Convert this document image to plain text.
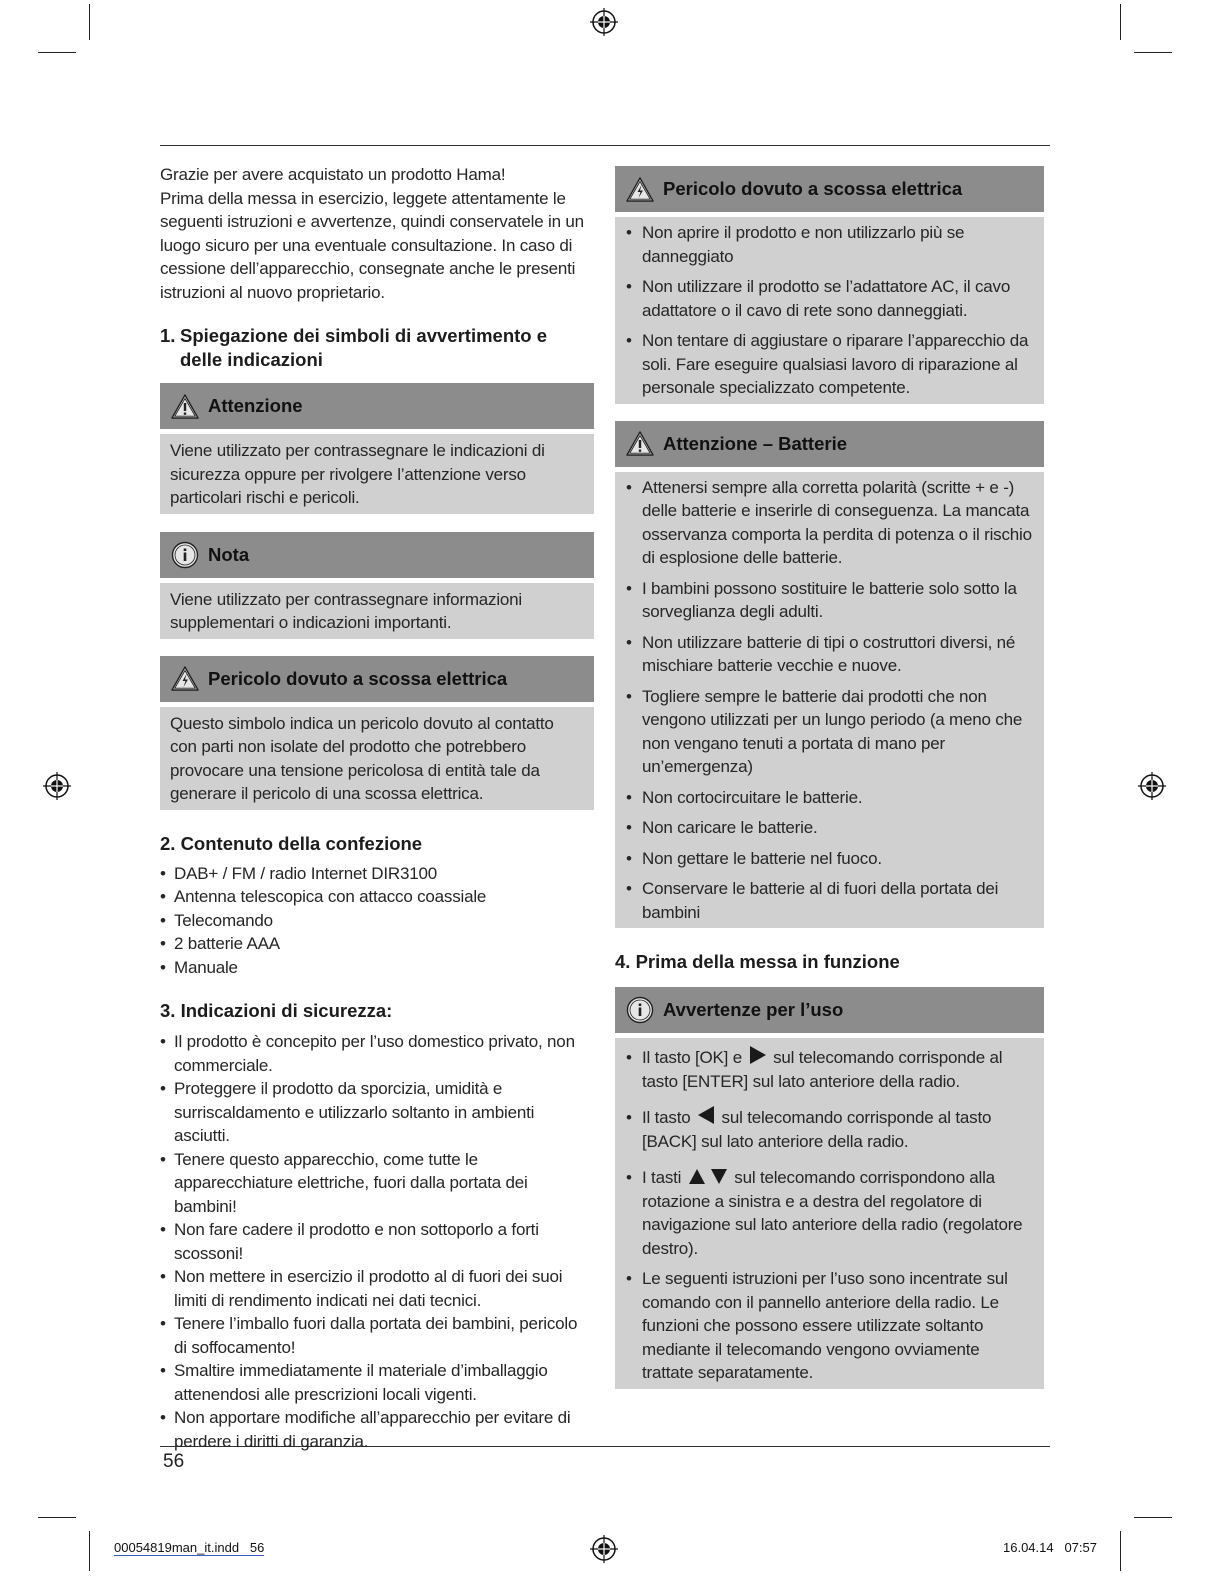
Grazie per avere acquistato un prodotto Hama!

Prima della messa in esercizio, leggete attentamente le seguenti istruzioni e avvertenze, quindi conservatele in un luogo sicuro per una eventuale consultazione. In caso di cessione dell’apparecchio, consegnate anche le presenti istruzioni al nuovo proprietario.

1. Spiegazione dei simboli di avvertimento e delle indicazioni
Attenzione
Viene utilizzato per contrassegnare le indicazioni di sicurezza oppure per rivolgere l’attenzione verso particolari rischi e pericoli.
Nota
Viene utilizzato per contrassegnare informazioni supplementari o indicazioni importanti.
Pericolo dovuto a scossa elettrica
Questo simbolo indica un pericolo dovuto al contatto con parti non isolate del prodotto che potrebbero provocare una tensione pericolosa di entità tale da generare il pericolo di una scossa elettrica.
2. Contenuto della confezione
• DAB+ / FM / radio Internet DIR3100
• Antenna telescopica con attacco coassiale
• Telecomando
• 2 batterie AAA
• Manuale
3. Indicazioni di sicurezza:
• Il prodotto è concepito per l’uso domestico privato, non commerciale.
• Proteggere il prodotto da sporcizia, umidità e surriscaldamento e utilizzarlo soltanto in ambienti asciutti.
• Tenere questo apparecchio, come tutte le apparecchiature elettriche, fuori dalla portata dei bambini!
• Non fare cadere il prodotto e non sottoporlo a forti scossoni!
• Non mettere in esercizio il prodotto al di fuori dei suoi limiti di rendimento indicati nei dati tecnici.
• Tenere l’imballo fuori dalla portata dei bambini, pericolo di soffocamento!
• Smaltire immediatamente il materiale d’imballaggio attenendosi alle prescrizioni locali vigenti.
• Non apportare modifiche all’apparecchio per evitare di perdere i diritti di garanzia.
Pericolo dovuto a scossa elettrica
• Non aprire il prodotto e non utilizzarlo più se danneggiato
• Non utilizzare il prodotto se l’adattatore AC, il cavo adattatore o il cavo di rete sono danneggiati.
• Non tentare di aggiustare o riparare l’apparecchio da soli. Fare eseguire qualsiasi lavoro di riparazione al personale specializzato competente.
Attenzione – Batterie
• Attenersi sempre alla corretta polarità (scritte + e -) delle batterie e inserirle di conseguenza. La mancata osservanza comporta la perdita di potenza o il rischio di esplosione delle batterie.
• I bambini possono sostituire le batterie solo sotto la sorveglianza degli adulti.
• Non utilizzare batterie di tipi o costruttori diversi, né mischiare batterie vecchie e nuove.
• Togliere sempre le batterie dai prodotti che non vengono utilizzati per un lungo periodo (a meno che non vengano tenuti a portata di mano per un’emergenza)
• Non cortocircuitare le batterie.
• Non caricare le batterie.
• Non gettare le batterie nel fuoco.
• Conservare le batterie al di fuori della portata dei bambini
4. Prima della messa in funzione
Avvertenze per l’uso
• Il tasto [OK] e sul telecomando corrisponde al tasto [ENTER] sul lato anteriore della radio.
• Il tasto sul telecomando corrisponde al tasto [BACK] sul lato anteriore della radio.
• I tasti	sul telecomando corrispondono alla rotazione a sinistra e a destra del regolatore di navigazione sul lato anteriore della radio (regolatore destro).
• Le seguenti istruzioni per l’uso sono incentrate sul comando con il pannello anteriore della radio. Le funzioni che possono essere utilizzate soltanto mediante il telecomando vengono ovviamente trattate separatamente.
56
00054819man_it.indd   56	16.04.14   07:57
